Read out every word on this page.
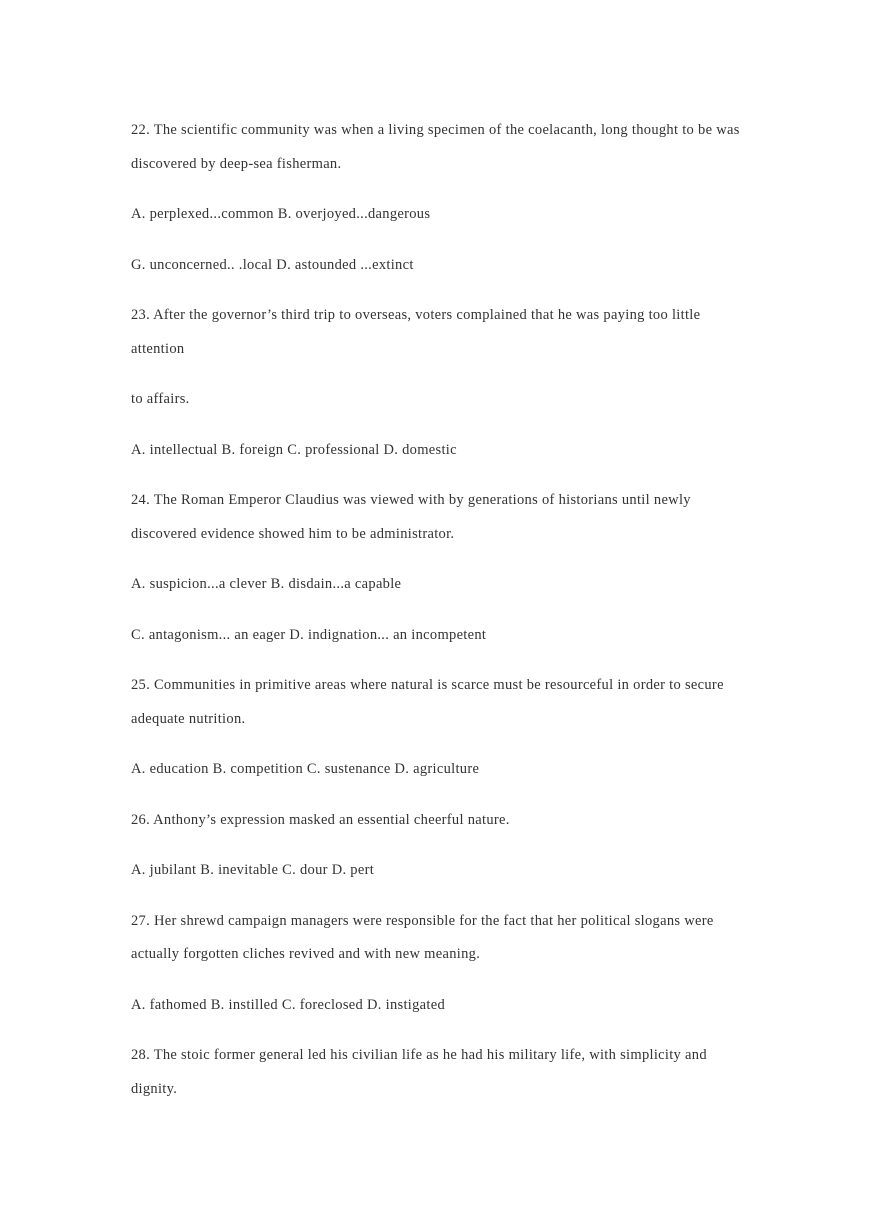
22. The scientific community was when a living specimen of the coelacanth, long thought to be was discovered by deep-sea fisherman.

A. perplexed...common B. overjoyed...dangerous

G. unconcerned.. .local D. astounded ...extinct

23. After the governor’s third trip to overseas, voters complained that he was paying too little attention

to affairs.

A. intellectual B. foreign C. professional D. domestic

24. The Roman Emperor Claudius was viewed with by generations of historians until newly discovered evidence showed him to be administrator.

A. suspicion...a clever B. disdain...a capable

C. antagonism... an eager D. indignation... an incompetent

25. Communities in primitive areas where natural is scarce must be resourceful in order to secure adequate nutrition.

A. education B. competition C. sustenance D. agriculture

26. Anthony’s expression masked an essential cheerful nature.

A. jubilant B. inevitable C. dour D. pert

27. Her shrewd campaign managers were responsible for the fact that her political slogans were actually forgotten cliches revived and with new meaning.

A. fathomed B. instilled C. foreclosed D. instigated

28. The stoic former general led his civilian life as he had his military life, with simplicity and dignity.
